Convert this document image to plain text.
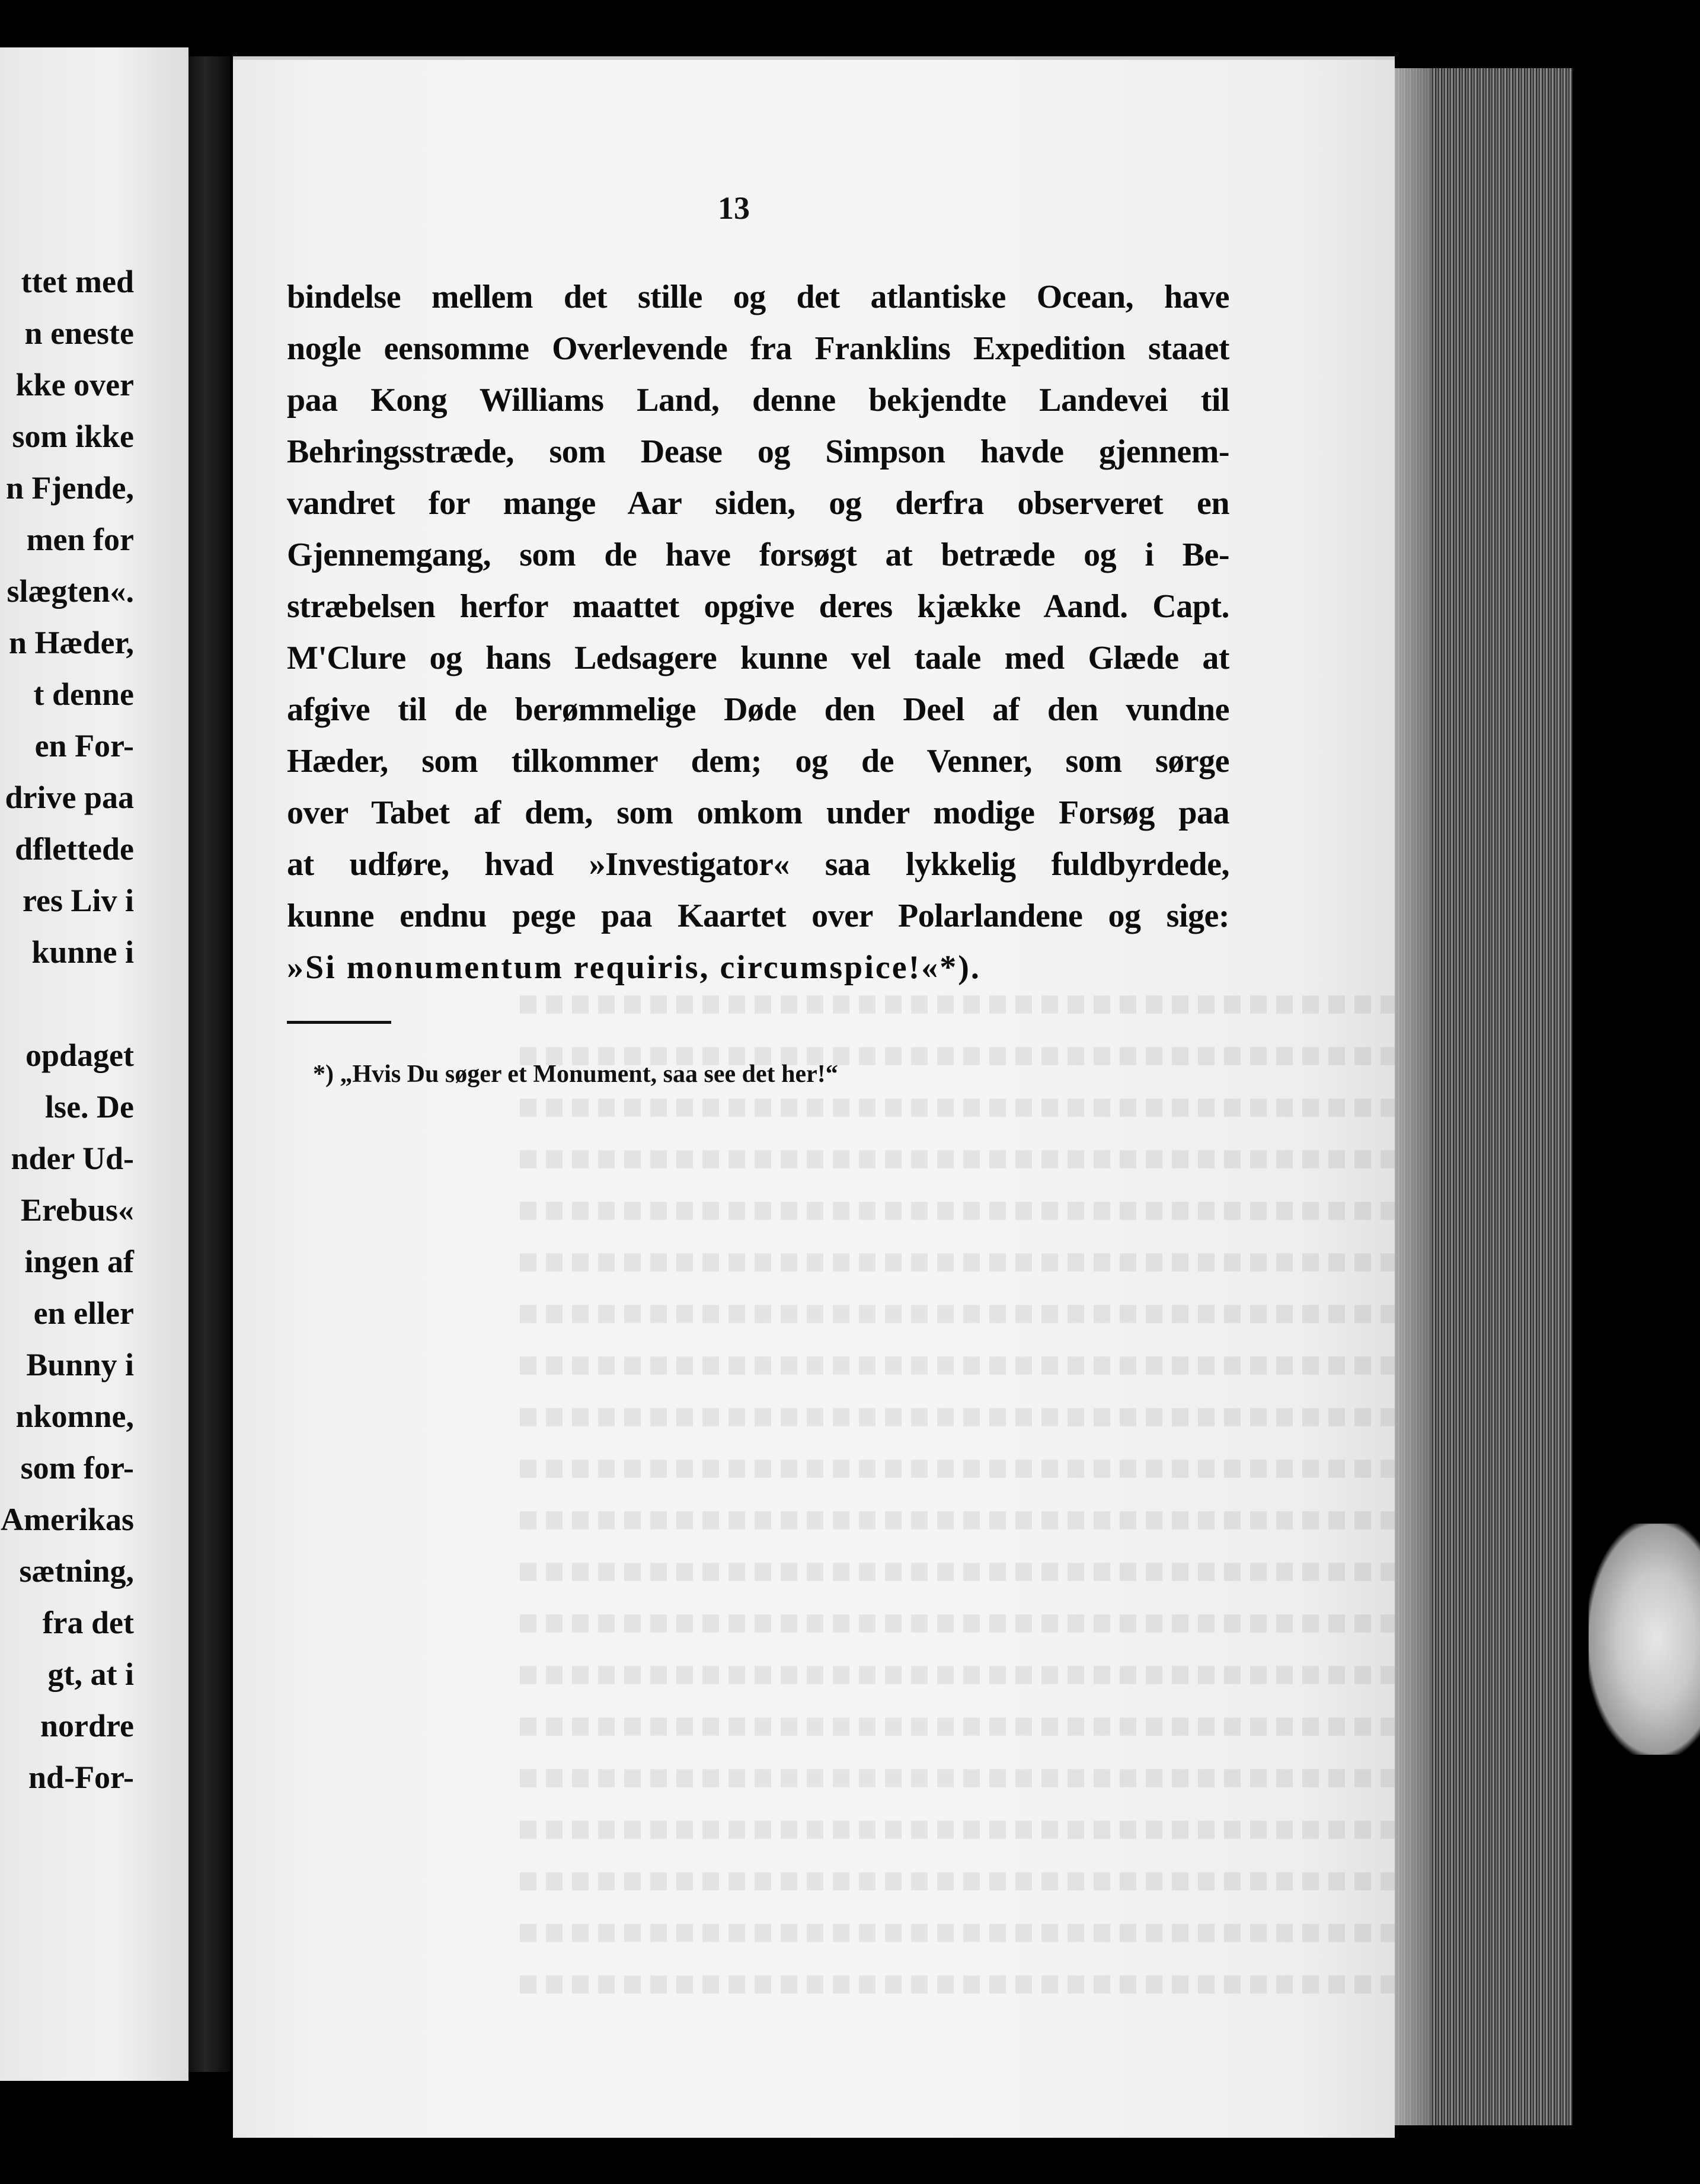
ttet med
n eneste
kke over
som ikke
n Fjende,
men for
slægten«.
n Hæder,
t denne
en For-
drive paa
dflettede
res Liv i
kunne i
opdaget
lse. De
nder Ud-
Erebus«
ingen af
en eller
Bunny i
nkomne,
som for-
Amerikas
sætning,
fra det
gt, at i
nordre
nd-For-
13
bindelse mellem det stille og det atlantiske Ocean, have
nogle eensomme Overlevende fra Franklins Expedition staaet
paa Kong Williams Land, denne bekjendte Landevei til
Behringsstræde, som Dease og Simpson havde gjennem-
vandret for mange Aar siden, og derfra observeret en
Gjennemgang, som de have forsøgt at betræde og i Be-
stræbelsen herfor maattet opgive deres kjække Aand. Capt.
M'Clure og hans Ledsagere kunne vel taale med Glæde at
afgive til de berømmelige Døde den Deel af den vundne
Hæder, som tilkommer dem; og de Venner, som sørge
over Tabet af dem, som omkom under modige Forsøg paa
at udføre, hvad »Investigator« saa lykkelig fuldbyrdede,
kunne endnu pege paa Kaartet over Polarlandene og sige:
»Si monumentum requiris, circumspice!«*).
*) „Hvis Du søger et Monument, saa see det her!“
